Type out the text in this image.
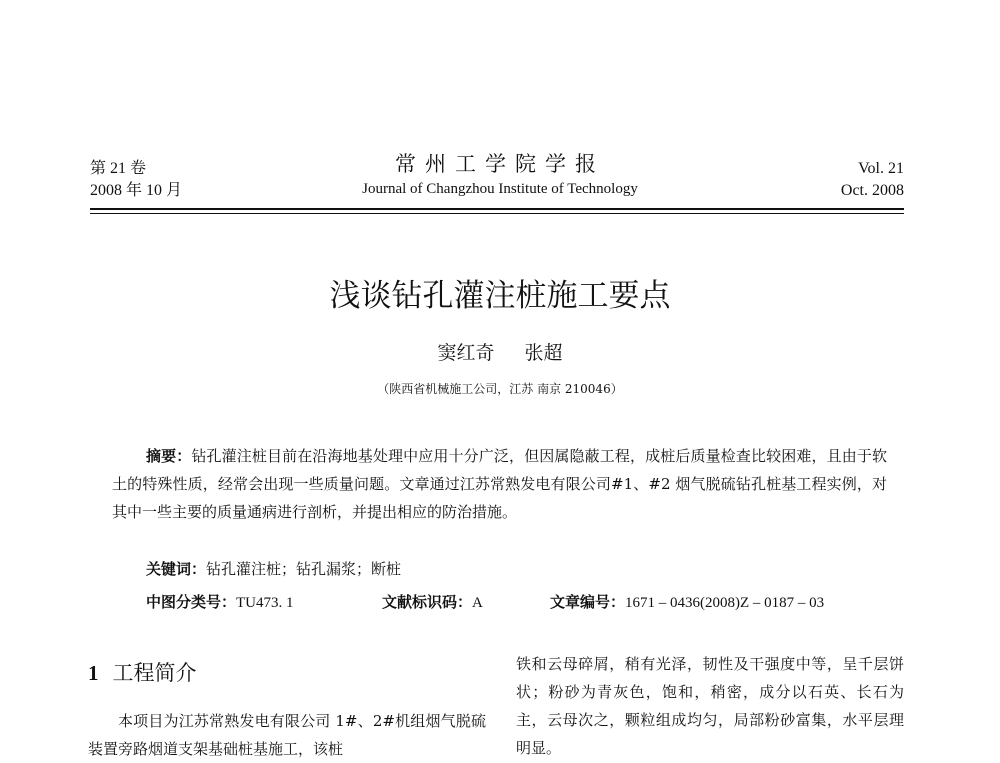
第 21 卷
2008 年 10 月
常州工学院学报
Journal of Changzhou Institute of Technology
Vol. 21
Oct. 2008
浅谈钻孔灌注桩施工要点
窦红奇 张超
（陕西省机械施工公司，江苏 南京 210046）
摘要：钻孔灌注桩目前在沿海地基处理中应用十分广泛，但因属隐蔽工程，成桩后质量检查比较困难，且由于软土的特殊性质，经常会出现一些质量问题。文章通过江苏常熟发电有限公司#1、#2 烟气脱硫钻孔桩基工程实例，对其中一些主要的质量通病进行剖析，并提出相应的防治措施。
关键词：钻孔灌注桩；钻孔漏浆；断桩
中图分类号：TU473. 1	文献标识码：A	文章编号：1671 – 0436(2008)Z – 0187 – 03
1 工程简介
本项目为江苏常熟发电有限公司 1#、2#机组烟气脱硫装置旁路烟道支架基础桩基施工，该桩
铁和云母碎屑，稍有光泽，韧性及干强度中等，呈千层饼状；粉砂为青灰色，饱和，稍密，成分以石英、长石为主，云母次之，颗粒组成均匀，局部粉砂富集，水平层理明显。
